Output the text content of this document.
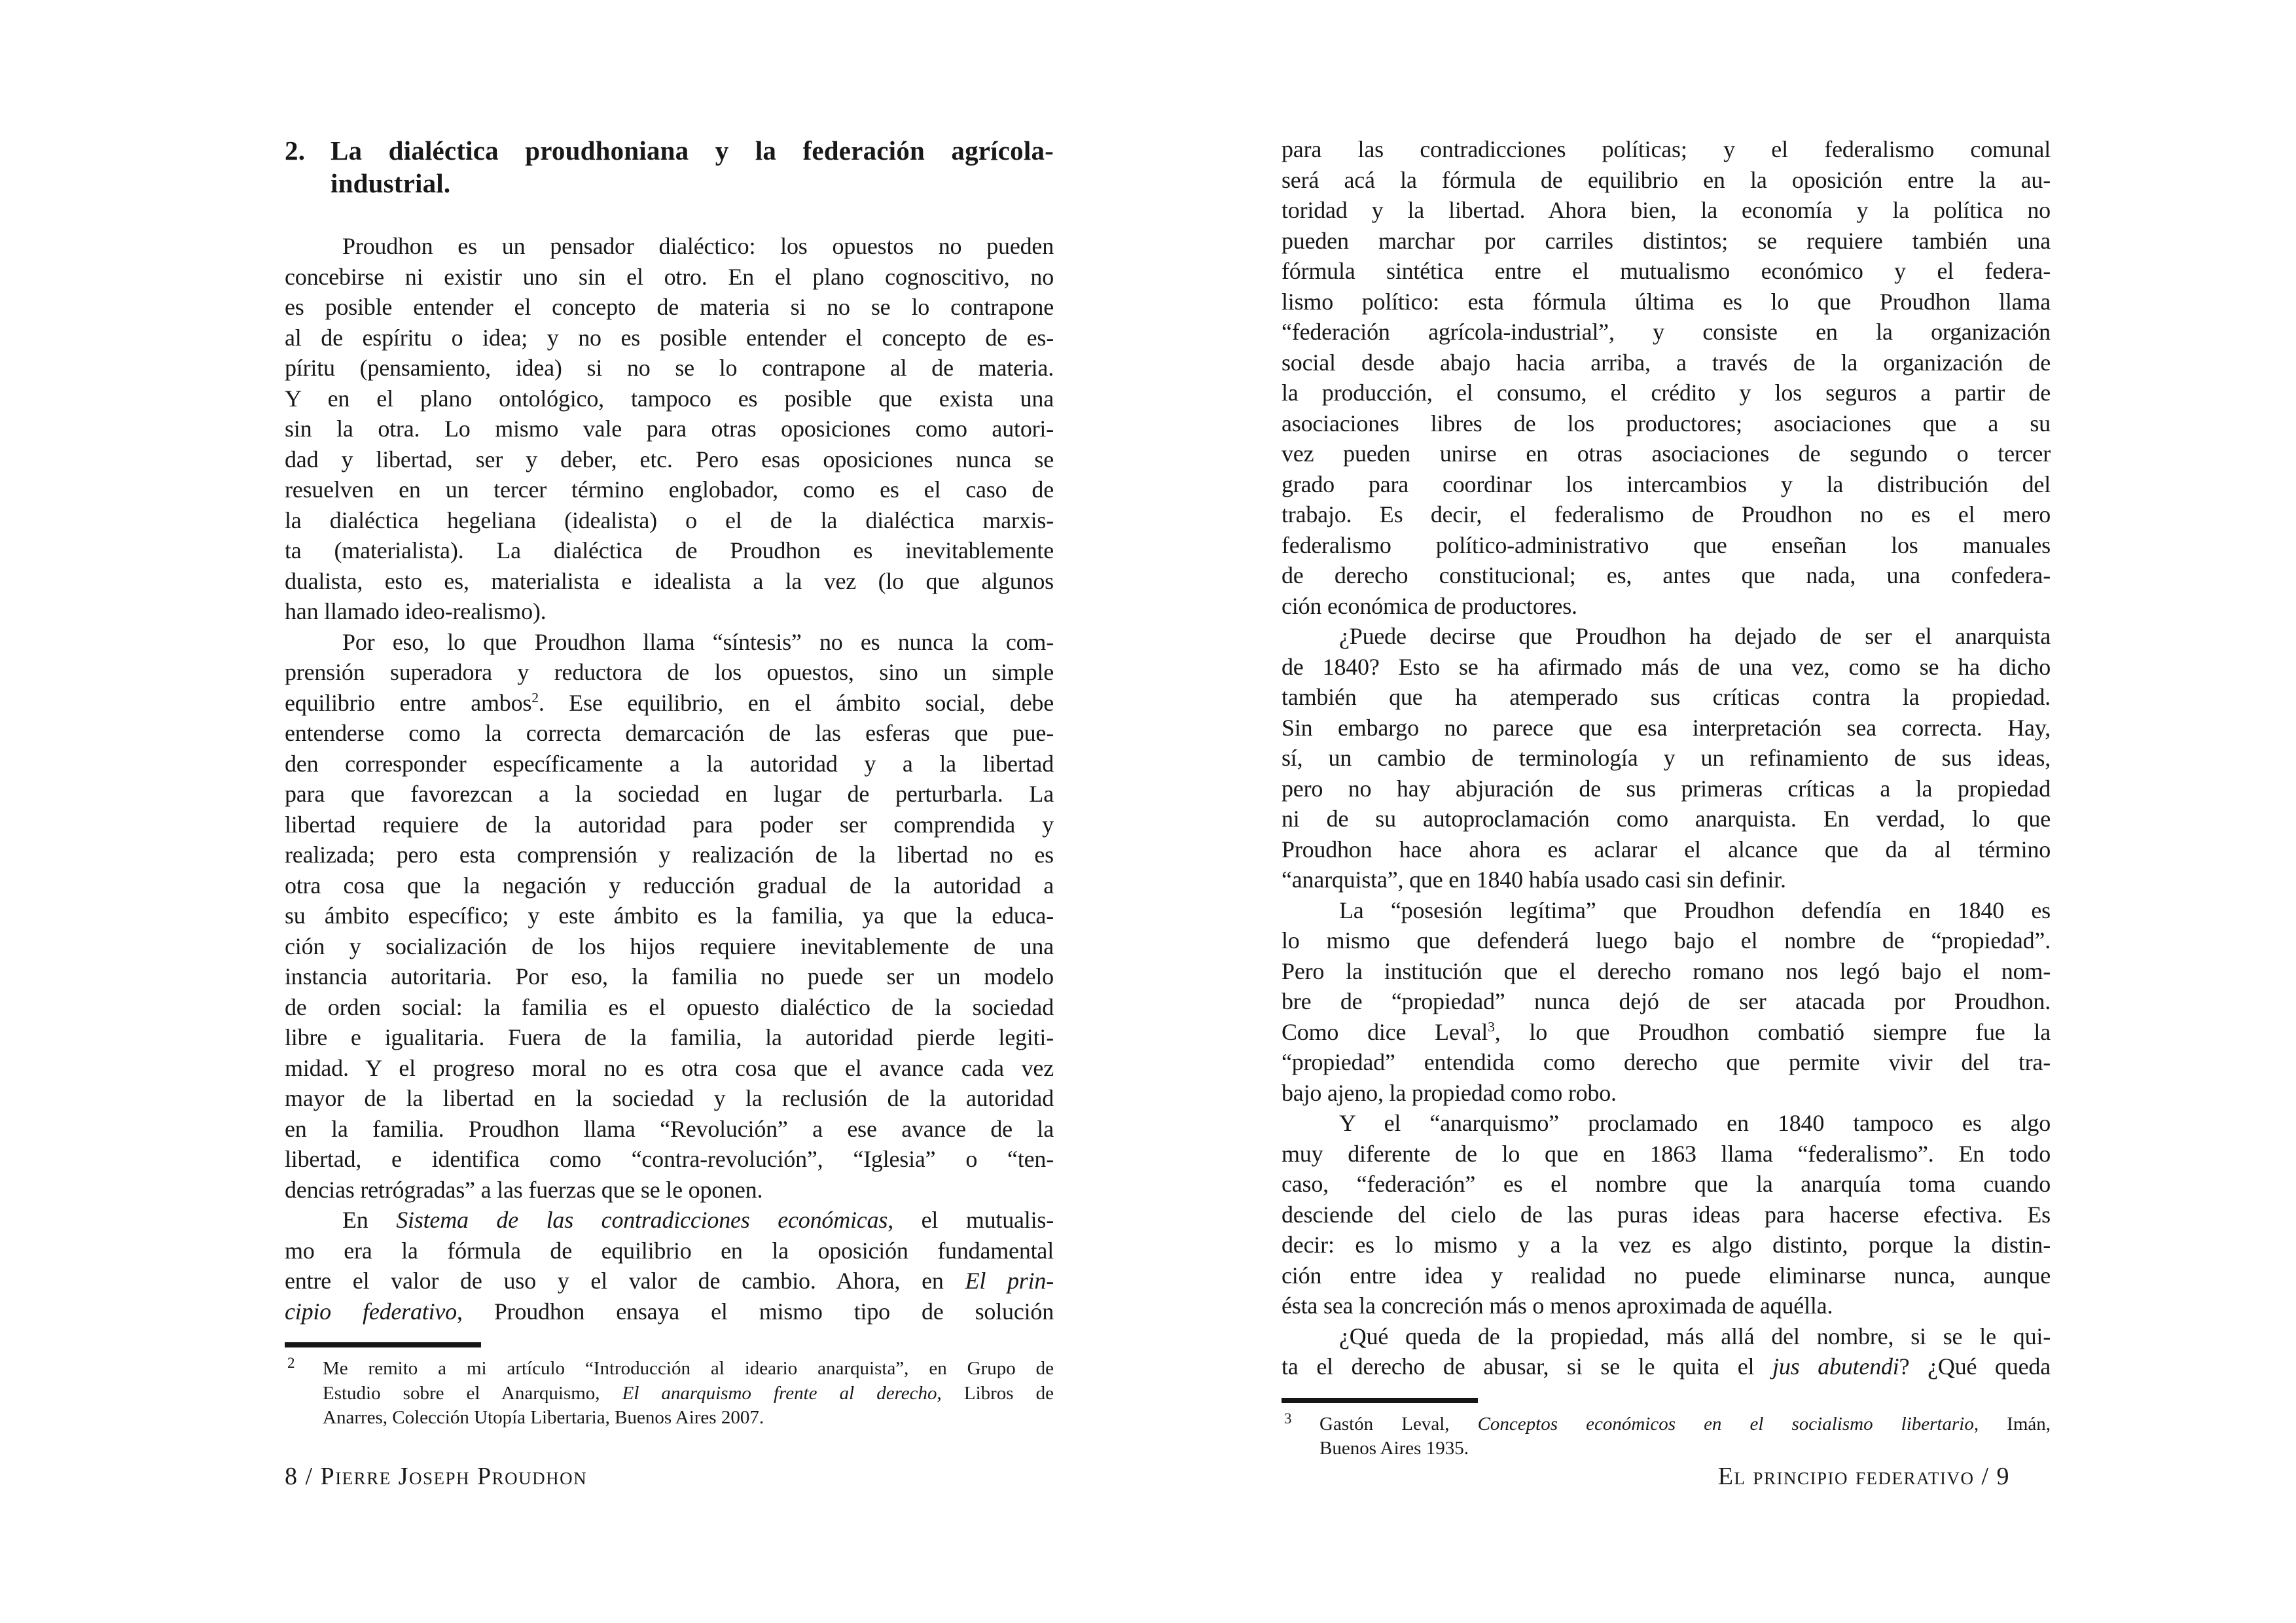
2. La dialéctica proudhoniana y la federación agrícola-
industrial.
Proudhon es un pensador dialéctico: los opuestos no pueden
concebirse ni existir uno sin el otro. En el plano cognoscitivo, no
es posible entender el concepto de materia si no se lo contrapone
al de espíritu o idea; y no es posible entender el concepto de es-
píritu (pensamiento, idea) si no se lo contrapone al de materia.
Y en el plano ontológico, tampoco es posible que exista una
sin la otra. Lo mismo vale para otras oposiciones como autori-
dad y libertad, ser y deber, etc. Pero esas oposiciones nunca se
resuelven en un tercer término englobador, como es el caso de
la dialéctica hegeliana (idealista) o el de la dialéctica marxis-
ta (materialista). La dialéctica de Proudhon es inevitablemente
dualista, esto es, materialista e idealista a la vez (lo que algunos
han llamado ideo-realismo).
Por eso, lo que Proudhon llama “síntesis” no es nunca la com-
prensión superadora y reductora de los opuestos, sino un simple
equilibrio entre ambos$^2$. Ese equilibrio, en el ámbito social, debe
entenderse como la correcta demarcación de las esferas que pue-
den corresponder específicamente a la autoridad y a la libertad
para que favorezcan a la sociedad en lugar de perturbarla. La
libertad requiere de la autoridad para poder ser comprendida y
realizada; pero esta comprensión y realización de la libertad no es
otra cosa que la negación y reducción gradual de la autoridad a
su ámbito específico; y este ámbito es la familia, ya que la educa-
ción y socialización de los hijos requiere inevitablemente de una
instancia autoritaria. Por eso, la familia no puede ser un modelo
de orden social: la familia es el opuesto dialéctico de la sociedad
libre e igualitaria. Fuera de la familia, la autoridad pierde legiti-
midad. Y el progreso moral no es otra cosa que el avance cada vez
mayor de la libertad en la sociedad y la reclusión de la autoridad
en la familia. Proudhon llama “Revolución” a ese avance de la
libertad, e identifica como “contra-revolución”, “Iglesia” o “ten-
dencias retrógradas” a las fuerzas que se le oponen.
En Sistema de las contradicciones económicas, el mutualis-
mo era la fórmula de equilibrio en la oposición fundamental
entre el valor de uso y el valor de cambio. Ahora, en El prin-
cipio federativo, Proudhon ensaya el mismo tipo de solución
2 Me remito a mi artículo “Introducción al ideario anarquista”, en Grupo de
Estudio sobre el Anarquismo, El anarquismo frente al derecho, Libros de
Anarres, Colección Utopía Libertaria, Buenos Aires 2007.
8 / Pierre Joseph Proudhon
para las contradicciones políticas; y el federalismo comunal
será acá la fórmula de equilibrio en la oposición entre la au-
toridad y la libertad. Ahora bien, la economía y la política no
pueden marchar por carriles distintos; se requiere también una
fórmula sintética entre el mutualismo económico y el federa-
lismo político: esta fórmula última es lo que Proudhon llama
“federación agrícola-industrial”, y consiste en la organización
social desde abajo hacia arriba, a través de la organización de
la producción, el consumo, el crédito y los seguros a partir de
asociaciones libres de los productores; asociaciones que a su
vez pueden unirse en otras asociaciones de segundo o tercer
grado para coordinar los intercambios y la distribución del
trabajo. Es decir, el federalismo de Proudhon no es el mero
federalismo político-administrativo que enseñan los manuales
de derecho constitucional; es, antes que nada, una confedera-
ción económica de productores.
¿Puede decirse que Proudhon ha dejado de ser el anarquista
de 1840? Esto se ha afirmado más de una vez, como se ha dicho
también que ha atemperado sus críticas contra la propiedad.
Sin embargo no parece que esa interpretación sea correcta. Hay,
sí, un cambio de terminología y un refinamiento de sus ideas,
pero no hay abjuración de sus primeras críticas a la propiedad
ni de su autoproclamación como anarquista. En verdad, lo que
Proudhon hace ahora es aclarar el alcance que da al término
“anarquista”, que en 1840 había usado casi sin definir.
La “posesión legítima” que Proudhon defendía en 1840 es
lo mismo que defenderá luego bajo el nombre de “propiedad”.
Pero la institución que el derecho romano nos legó bajo el nom-
bre de “propiedad” nunca dejó de ser atacada por Proudhon.
Como dice Leval$^3$, lo que Proudhon combatió siempre fue la
“propiedad” entendida como derecho que permite vivir del tra-
bajo ajeno, la propiedad como robo.
Y el “anarquismo” proclamado en 1840 tampoco es algo
muy diferente de lo que en 1863 llama “federalismo”. En todo
caso, “federación” es el nombre que la anarquía toma cuando
desciende del cielo de las puras ideas para hacerse efectiva. Es
decir: es lo mismo y a la vez es algo distinto, porque la distin-
ción entre idea y realidad no puede eliminarse nunca, aunque
ésta sea la concreción más o menos aproximada de aquélla.
¿Qué queda de la propiedad, más allá del nombre, si se le qui-
ta el derecho de abusar, si se le quita el jus abutendi? ¿Qué queda
3 Gastón Leval, Conceptos económicos en el socialismo libertario, Imán,
Buenos Aires 1935.
El principio federativo / 9
